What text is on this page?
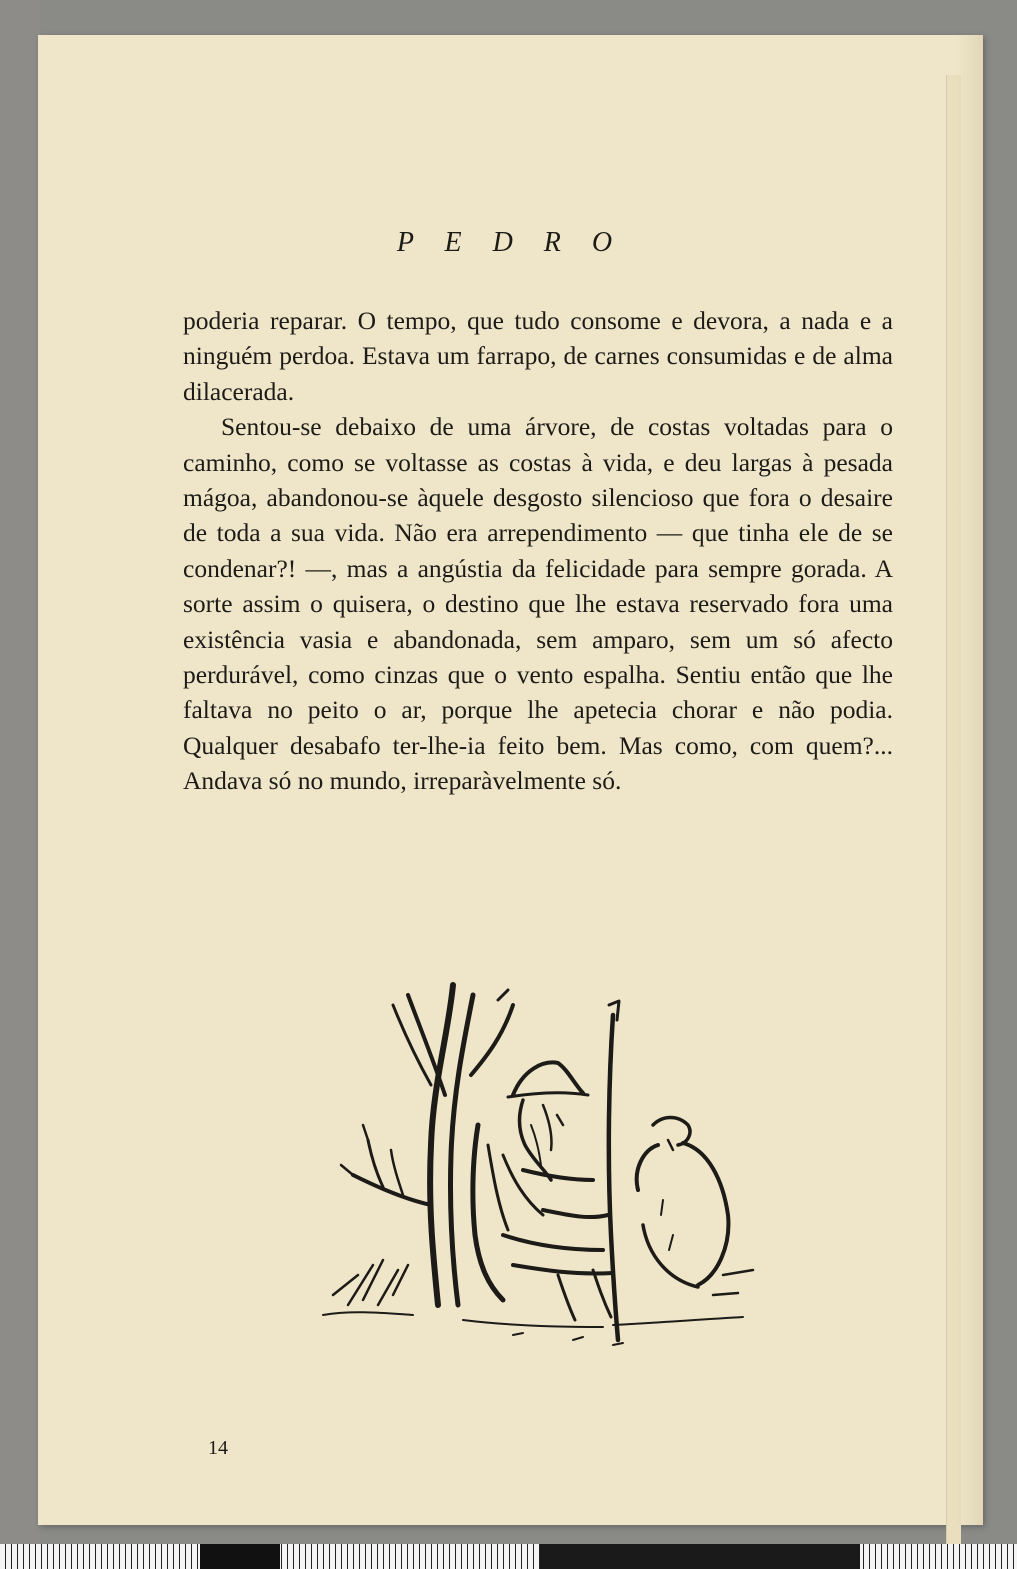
P E D R O

poderia reparar. O tempo, que tudo consome e devora, a nada e a ninguém perdoa. Estava um farrapo, de carnes consumidas e de alma dilacerada.

Sentou-se debaixo de uma árvore, de costas voltadas para o caminho, como se voltasse as costas à vida, e deu largas à pesada mágoa, abandonou-se àquele desgosto silencioso que fora o desaire de toda a sua vida. Não era arrependimento — que tinha ele de se condenar?! —, mas a angústia da felicidade para sempre gorada. A sorte assim o quisera, o destino que lhe estava reservado fora uma existência vasia e abandonada, sem amparo, sem um só afecto perdurável, como cinzas que o vento espalha. Sentiu então que lhe faltava no peito o ar, porque lhe apetecia chorar e não podia. Qualquer desabafo ter-lhe-ia feito bem. Mas como, com quem?... Andava só no mundo, irreparàvelmente só.

14
